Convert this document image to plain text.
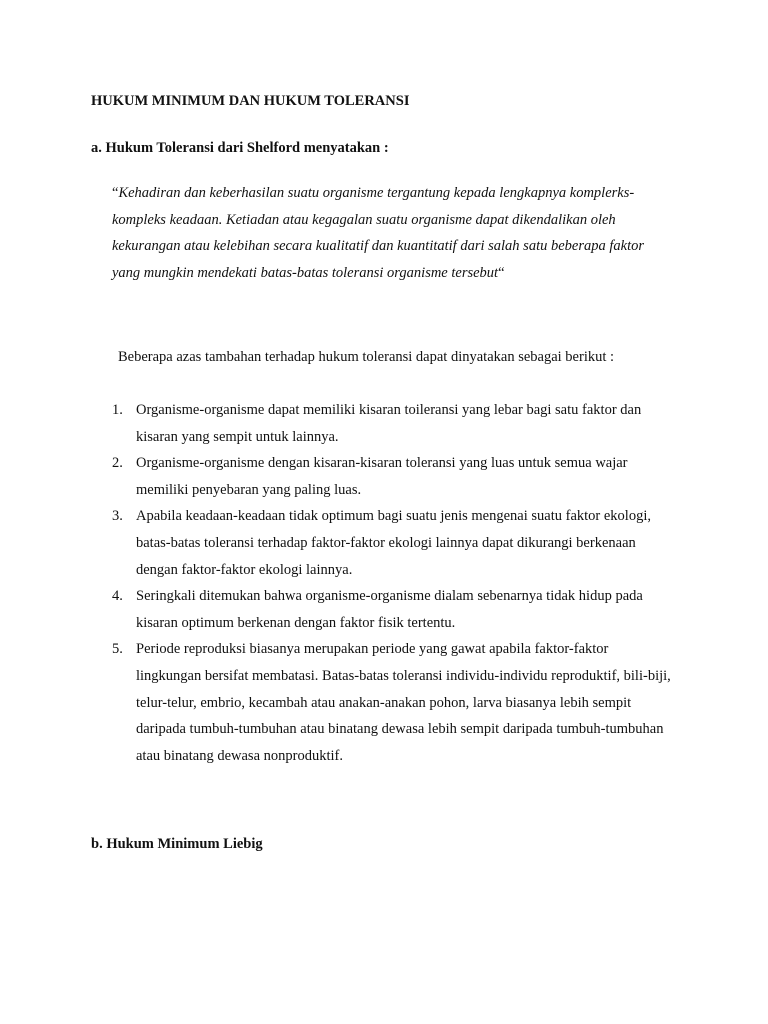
HUKUM MINIMUM DAN HUKUM TOLERANSI
a. Hukum Toleransi dari Shelford menyatakan :

“Kehadiran dan keberhasilan suatu organisme tergantung kepada lengkapnya komplerks-kompleks keadaan. Ketiadan atau kegagalan suatu organisme dapat dikendalikan oleh kekurangan atau kelebihan secara kualitatif dan kuantitatif dari salah satu beberapa faktor yang mungkin mendekati batas-batas toleransi organisme tersebut“

Beberapa azas tambahan terhadap hukum toleransi dapat dinyatakan sebagai berikut :

1. Organisme-organisme dapat memiliki kisaran toileransi yang lebar bagi satu faktor dan kisaran yang sempit untuk lainnya.
2. Organisme-organisme dengan kisaran-kisaran toleransi yang luas untuk semua wajar memiliki penyebaran yang paling luas.
3. Apabila keadaan-keadaan tidak optimum bagi suatu jenis mengenai suatu faktor ekologi, batas-batas toleransi terhadap faktor-faktor ekologi lainnya dapat dikurangi berkenaan dengan faktor-faktor ekologi lainnya.
4. Seringkali ditemukan bahwa organisme-organisme dialam sebenarnya tidak hidup pada kisaran optimum berkenan dengan faktor fisik tertentu.
5. Periode reproduksi biasanya merupakan periode yang gawat apabila faktor-faktor lingkungan bersifat membatasi. Batas-batas toleransi individu-individu reproduktif, bili-biji, telur-telur, embrio, kecambah atau anakan-anakan pohon, larva biasanya lebih sempit daripada tumbuh-tumbuhan atau binatang dewasa lebih sempit daripada tumbuh-tumbuhan atau binatang dewasa nonproduktif.
b. Hukum Minimum Liebig
